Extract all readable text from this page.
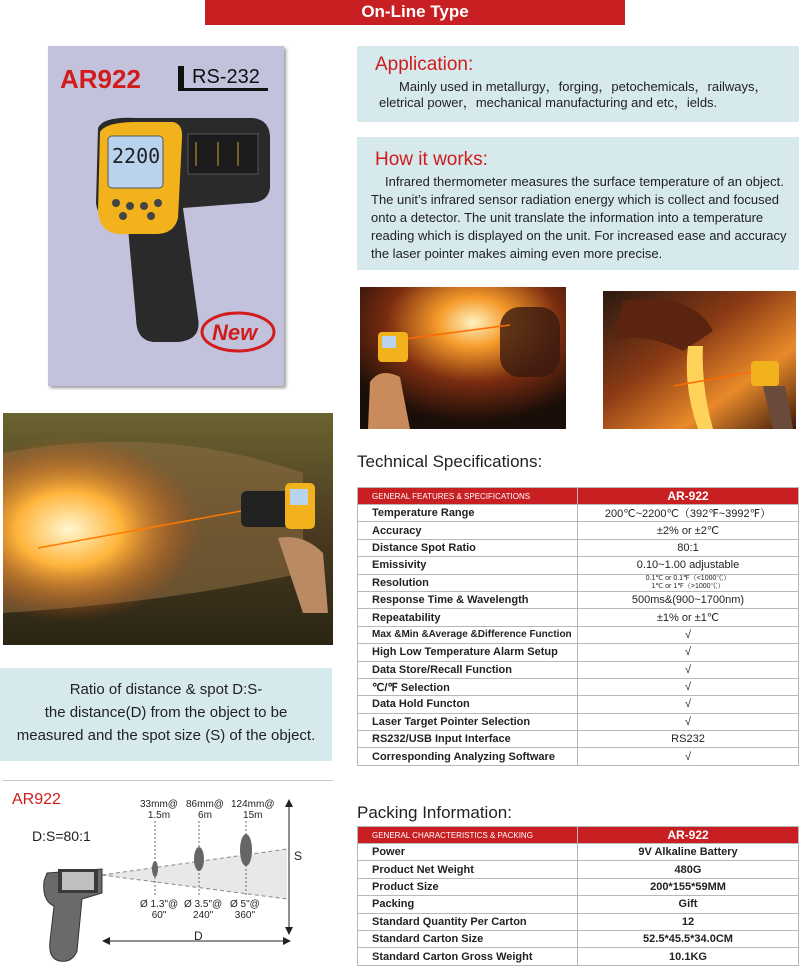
On-Line Type
AR922	RS-232
2200
New
Application:
Mainly used in metallurgy，forging，petochemicals，railways，eletrical power，mechanical manufacturing and etc，ields.
How it works:
Infrared thermometer measures the surface temperature of an object. The unit’s infrared sensor radiation energy which is collect and focused onto a detector. The unit translate the information into a temperature reading which is displayed on the unit. For increased ease and accuracy the laser pointer makes aiming even more precise.
Ratio of distance & spot D:S-
the distance(D) from the object to be
measured and the spot size (S) of the object.
AR922
D:S=80:1
33mm@
1.5m
86mm@
6m
124mm@
15m
Ø 1.3"@
60"
Ø 3.5"@
240"
Ø 5"@
360"
S
D
Technical Specifications:
GENERAL FEATURES & SPECIFICATIONS	AR-922
Temperature Range	200℃~2200℃（392℉~3992℉）
Accuracy	±2% or ±2℃
Distance Spot Ratio	80:1
Emissivity	0.10~1.00 adjustable
Resolution	0.1℃ or 0.1℉（<1000℃）
1℃ or 1℉（>1000℃）

Response Time & Wavelength	500ms&(900~1700nm)
Repeatability	±1% or ±1℃
Max &Min &Average &Difference Function	√
High Low Temperature Alarm Setup	√
Data Store/Recall Function	√
℃/℉ Selection	√
Data Hold Functon	√
Laser Target Pointer Selection	√
RS232/USB Input Interface	RS232
Corresponding Analyzing Software	√
Packing Information:
GENERAL CHARACTERISTICS & PACKING	AR-922
Power	9V Alkaline Battery
Product Net Weight	480G
Product Size	200*155*59MM
Packing	Gift
Standard Quantity Per Carton	12
Standard Carton Size	52.5*45.5*34.0CM
Standard Carton Gross Weight	10.1KG
